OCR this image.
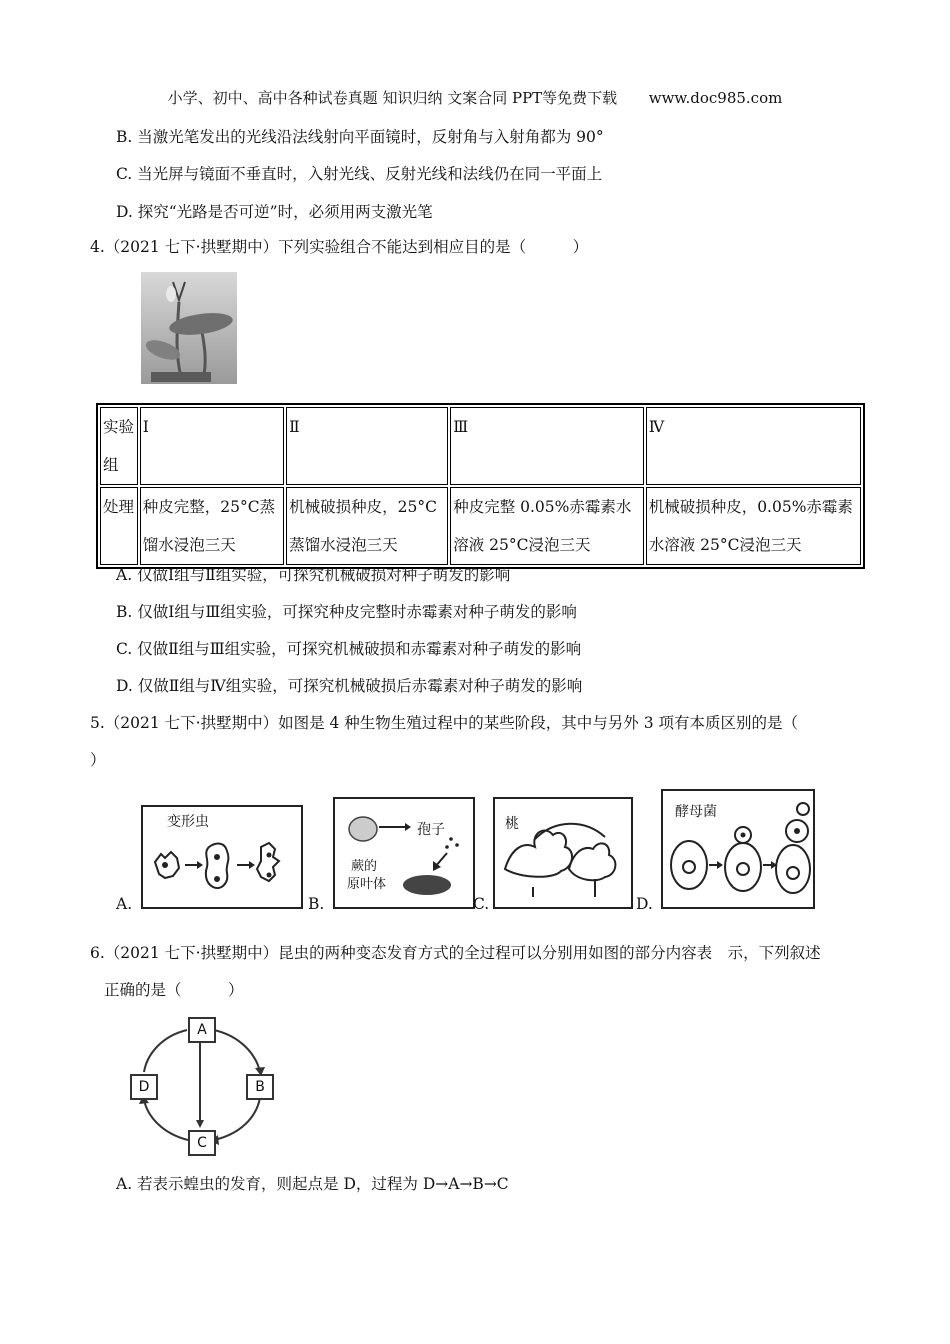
小学、初中、高中各种试卷真题 知识归纳 文案合同 PPT等免费下载 www.doc985.com
B. 当激光笔发出的光线沿法线射向平面镜时，反射角与入射角都为 90°
C. 当光屏与镜面不垂直时，入射光线、反射光线和法线仍在同一平面上
D. 探究“光路是否可逆”时，必须用两支激光笔
4.（2021 七下·拱墅期中）下列实验组合不能达到相应目的是（　　　）
实验组	Ⅰ	Ⅱ	Ⅲ	Ⅳ
处理	种皮完整，25°C蒸馏水浸泡三天	机械破损种皮，25°C蒸馏水浸泡三天	种皮完整 0.05%赤霉素水溶液 25°C浸泡三天	机械破损种皮，0.05%赤霉素水溶液 25°C浸泡三天
A. 仅做Ⅰ组与Ⅱ组实验，可探究机械破损对种子萌发的影响
B. 仅做Ⅰ组与Ⅲ组实验，可探究种皮完整时赤霉素对种子萌发的影响
C. 仅做Ⅱ组与Ⅲ组实验，可探究机械破损和赤霉素对种子萌发的影响
D. 仅做Ⅱ组与Ⅳ组实验，可探究机械破损后赤霉素对种子萌发的影响
5.（2021 七下·拱墅期中）如图是 4 种生物生殖过程中的某些阶段，其中与另外 3 项有本质区别的是（
）
A.
变形虫
B.
孢子
蕨的
原叶体
C.
桃
D.
酵母菌
6.（2021 七下·拱墅期中）昆虫的两种变态发育方式的全过程可以分别用如图的部分内容表　示，下列叙述
正确的是（　　　）
A
B
C
D
A. 若表示蝗虫的发育，则起点是 D，过程为 D→A→B→C
